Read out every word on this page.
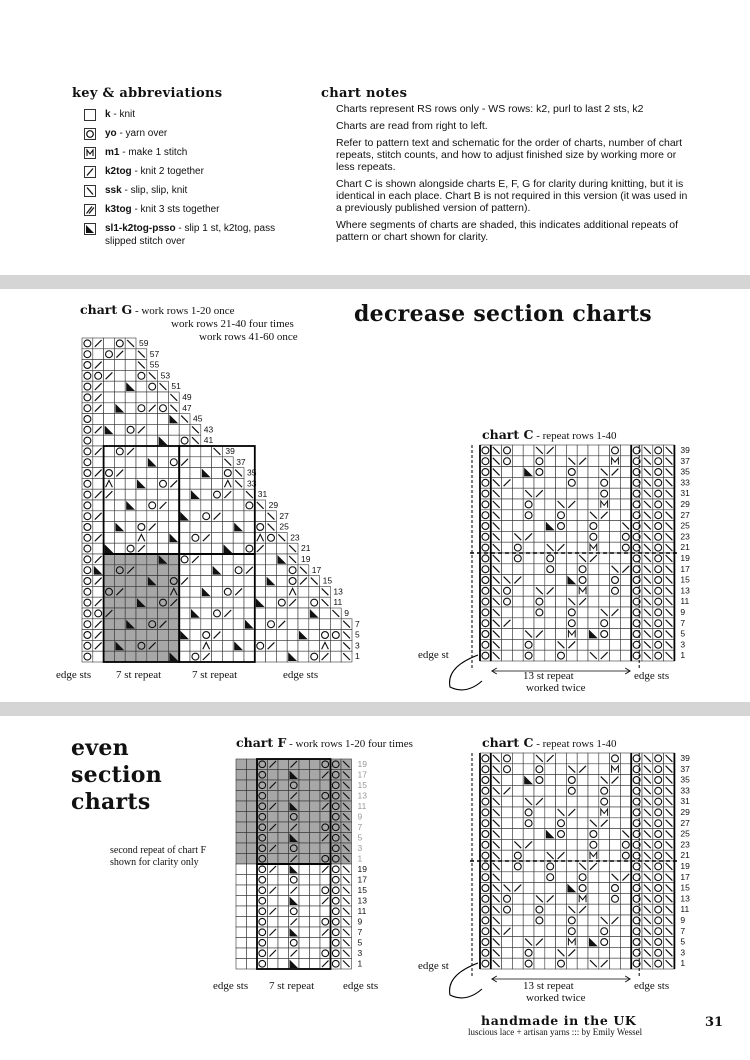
key & abbreviations
k - knit
yo - yarn over
m1 - make 1 stitch
k2tog - knit 2 together
ssk - slip, slip, knit
k3tog - knit 3 sts together
sl1-k2tog-psso - slip 1 st, k2tog, pass slipped stitch over
chart notes

Charts represent RS rows only - WS rows: k2, purl to last 2 sts, k2

Charts are read from right to left.

Refer to pattern text and schematic for the order of charts, number of chart repeats, stitch counts, and how to adjust finished size by working more or less repeats.

Chart C is shown alongside charts E, F, G for clarity during knitting, but it is identical in each place. Chart B is not required in this version (it was used in a previously published version of pattern).

Where segments of charts are shaded, this indicates additional repeats of pattern or chart shown for clarity.

decrease section charts
chart G - work rows 1-20 once
work rows 21-40 four times
work rows 41-60 once
59
57
55
53
51
49
47
45
43
41
39
37
35
33
31
29
27
25
23
21
19
17
15
13
11
9
7
5
3
1
edge sts 7 st repeat	7 st repeat	edge sts
chart C - repeat rows 1-40
39
37
35
33
31
29
27
25
23
21
19
17
15
13
11
9
7
5
3
1
edge st
13 st repeat
worked twice
edge sts
even
section
charts
chart F - work rows 1-20 four times
19
17
15
13
11
9
7
5
3
1
19
17
15
13
11
9
7
5
3
1
second repeat of chart F
shown for clarity only
edge sts 7 st repeat	edge sts
chart C - repeat rows 1-40
39
37
35
33
31
29
27
25
23
21
19
17
15
13
11
9
7
5
3
1
edge st
13 st repeat
worked twice
edge sts
handmade in the UK
luscious lace + artisan yarns ::: by Emily Wessel
31
